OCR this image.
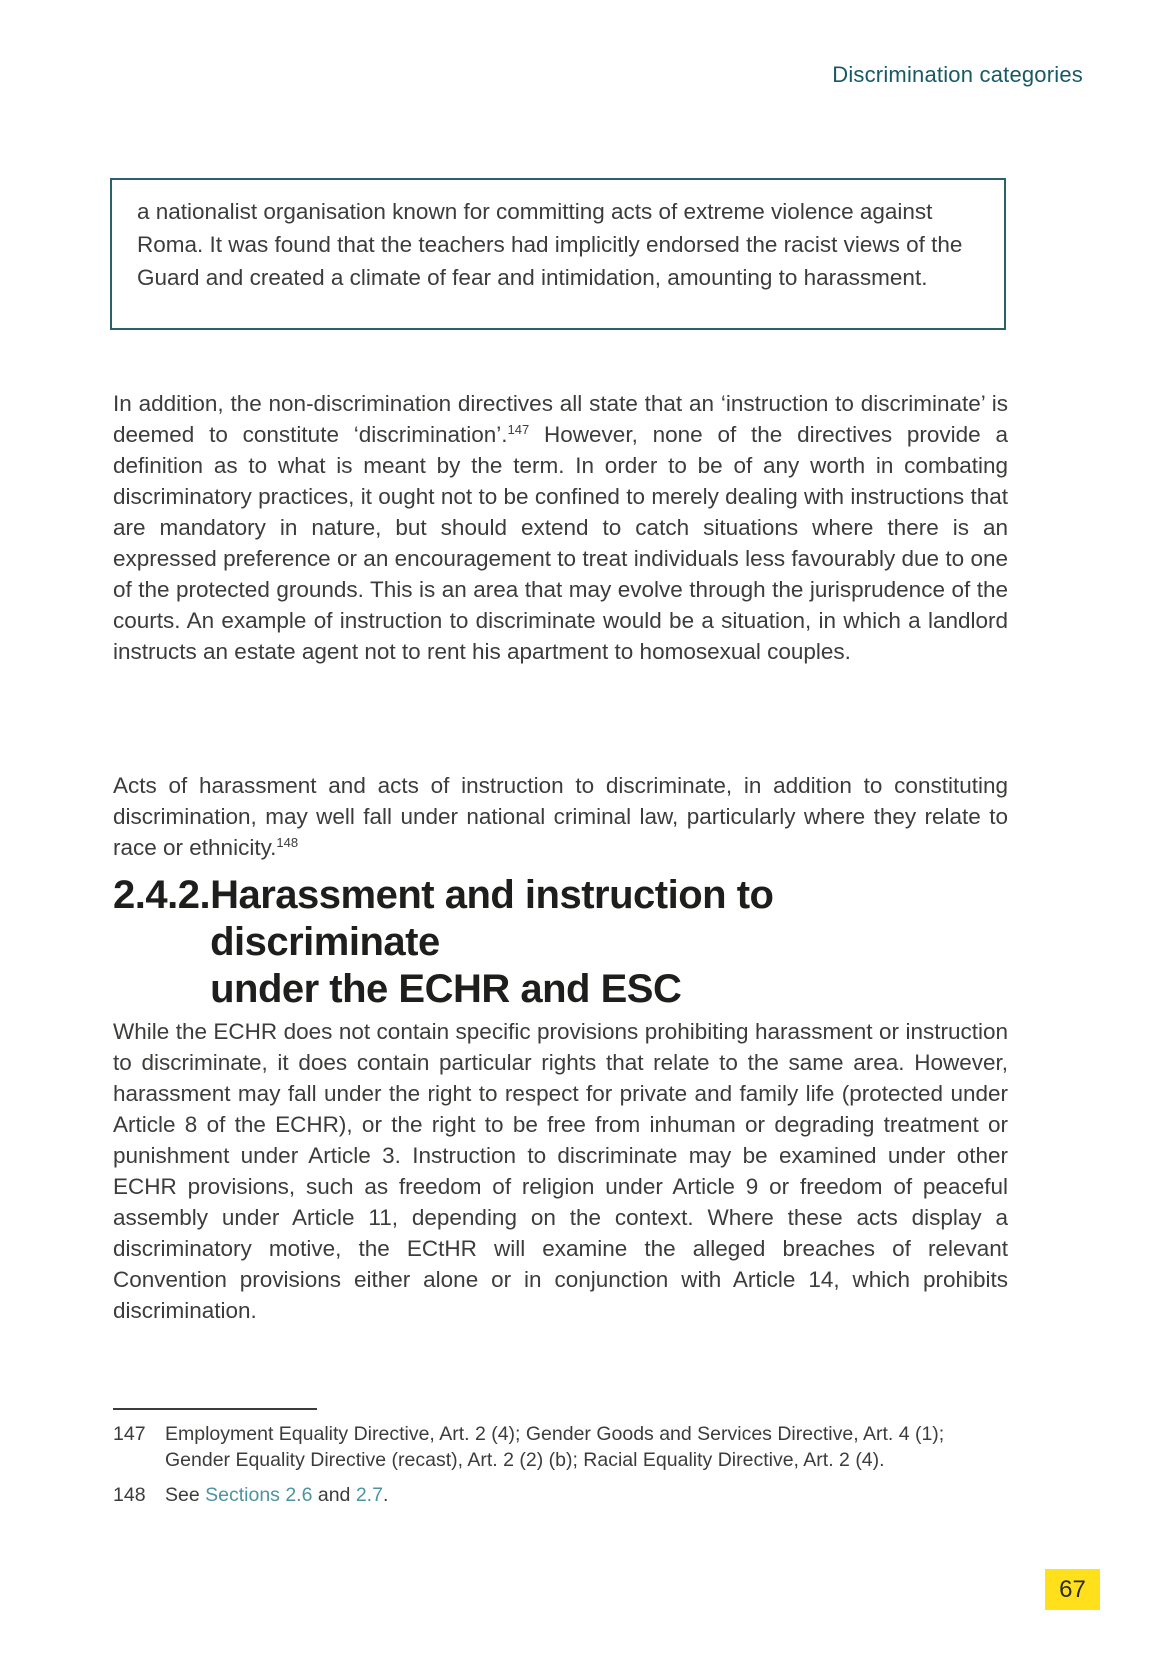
Discrimination categories
a nationalist organisation known for committing acts of extreme violence against Roma. It was found that the teachers had implicitly endorsed the racist views of the Guard and created a climate of fear and intimidation, amounting to harassment.

In addition, the non-discrimination directives all state that an ‘instruction to discriminate’ is deemed to constitute ‘discrimination’.$^{147}$ However, none of the directives provide a definition as to what is meant by the term. In order to be of any worth in combating discriminatory practices, it ought not to be confined to merely dealing with instructions that are mandatory in nature, but should extend to catch situations where there is an expressed preference or an encouragement to treat individuals less favourably due to one of the protected grounds. This is an area that may evolve through the jurisprudence of the courts. An example of instruction to discriminate would be a situation, in which a landlord instructs an estate agent not to rent his apartment to homosexual couples.

Acts of harassment and acts of instruction to discriminate, in addition to constituting discrimination, may well fall under national criminal law, particularly where they relate to race or ethnicity.$^{148}$

2.4.2. Harassment and instruction to discriminate
under the ECHR and ESC

While the ECHR does not contain specific provisions prohibiting harassment or instruction to discriminate, it does contain particular rights that relate to the same area. However, harassment may fall under the right to respect for private and family life (protected under Article 8 of the ECHR), or the right to be free from inhuman or degrading treatment or punishment under Article 3. Instruction to discriminate may be examined under other ECHR provisions, such as freedom of religion under Article 9 or freedom of peaceful assembly under Article 11, depending on the context. Where these acts display a discriminatory motive, the ECtHR will examine the alleged breaches of relevant Convention provisions either alone or in conjunction with Article 14, which prohibits discrimination.

147 Employment Equality Directive, Art. 2 (4); Gender Goods and Services Directive, Art. 4 (1); Gender Equality Directive (recast), Art. 2 (2) (b); Racial Equality Directive, Art. 2 (4).
148 See Sections 2.6 and 2.7.
67
